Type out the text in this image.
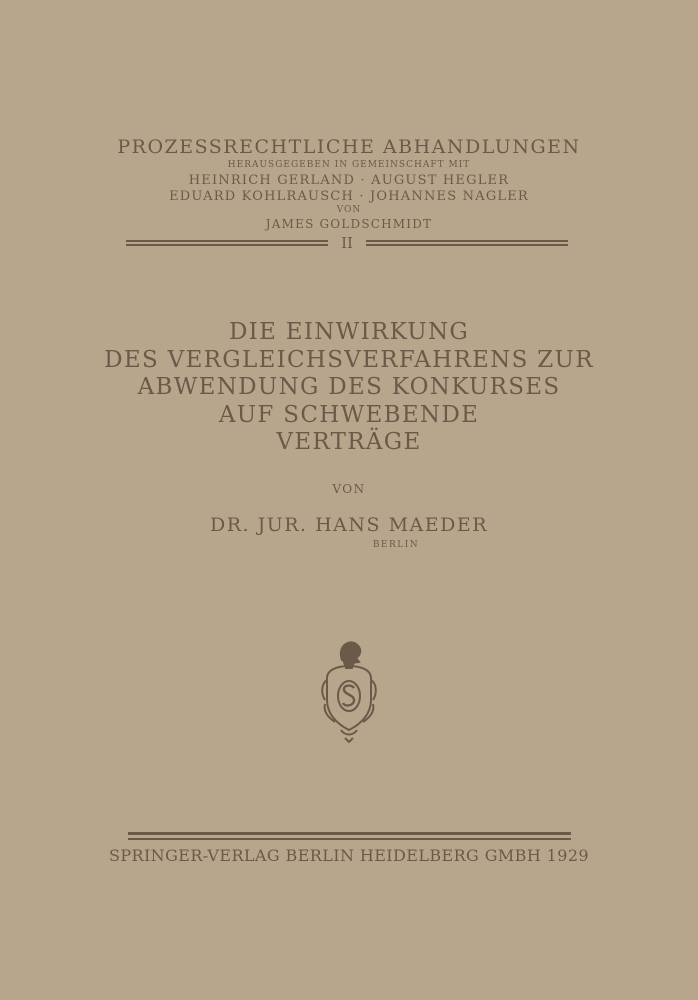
PROZESSRECHTLICHE ABHANDLUNGEN
HERAUSGEGEBEN IN GEMEINSCHAFT MIT
HEINRICH GERLAND · AUGUST HEGLER
EDUARD KOHLRAUSCH · JOHANNES NAGLER
VON
JAMES GOLDSCHMIDT
II
DIE EINWIRKUNG
DES VERGLEICHSVERFAHRENS ZUR
ABWENDUNG DES KONKURSES
AUF SCHWEBENDE
VERTRÄGE
VON
DR. JUR. HANS MAEDER
BERLIN
SPRINGER-VERLAG BERLIN HEIDELBERG GMBH 1929
